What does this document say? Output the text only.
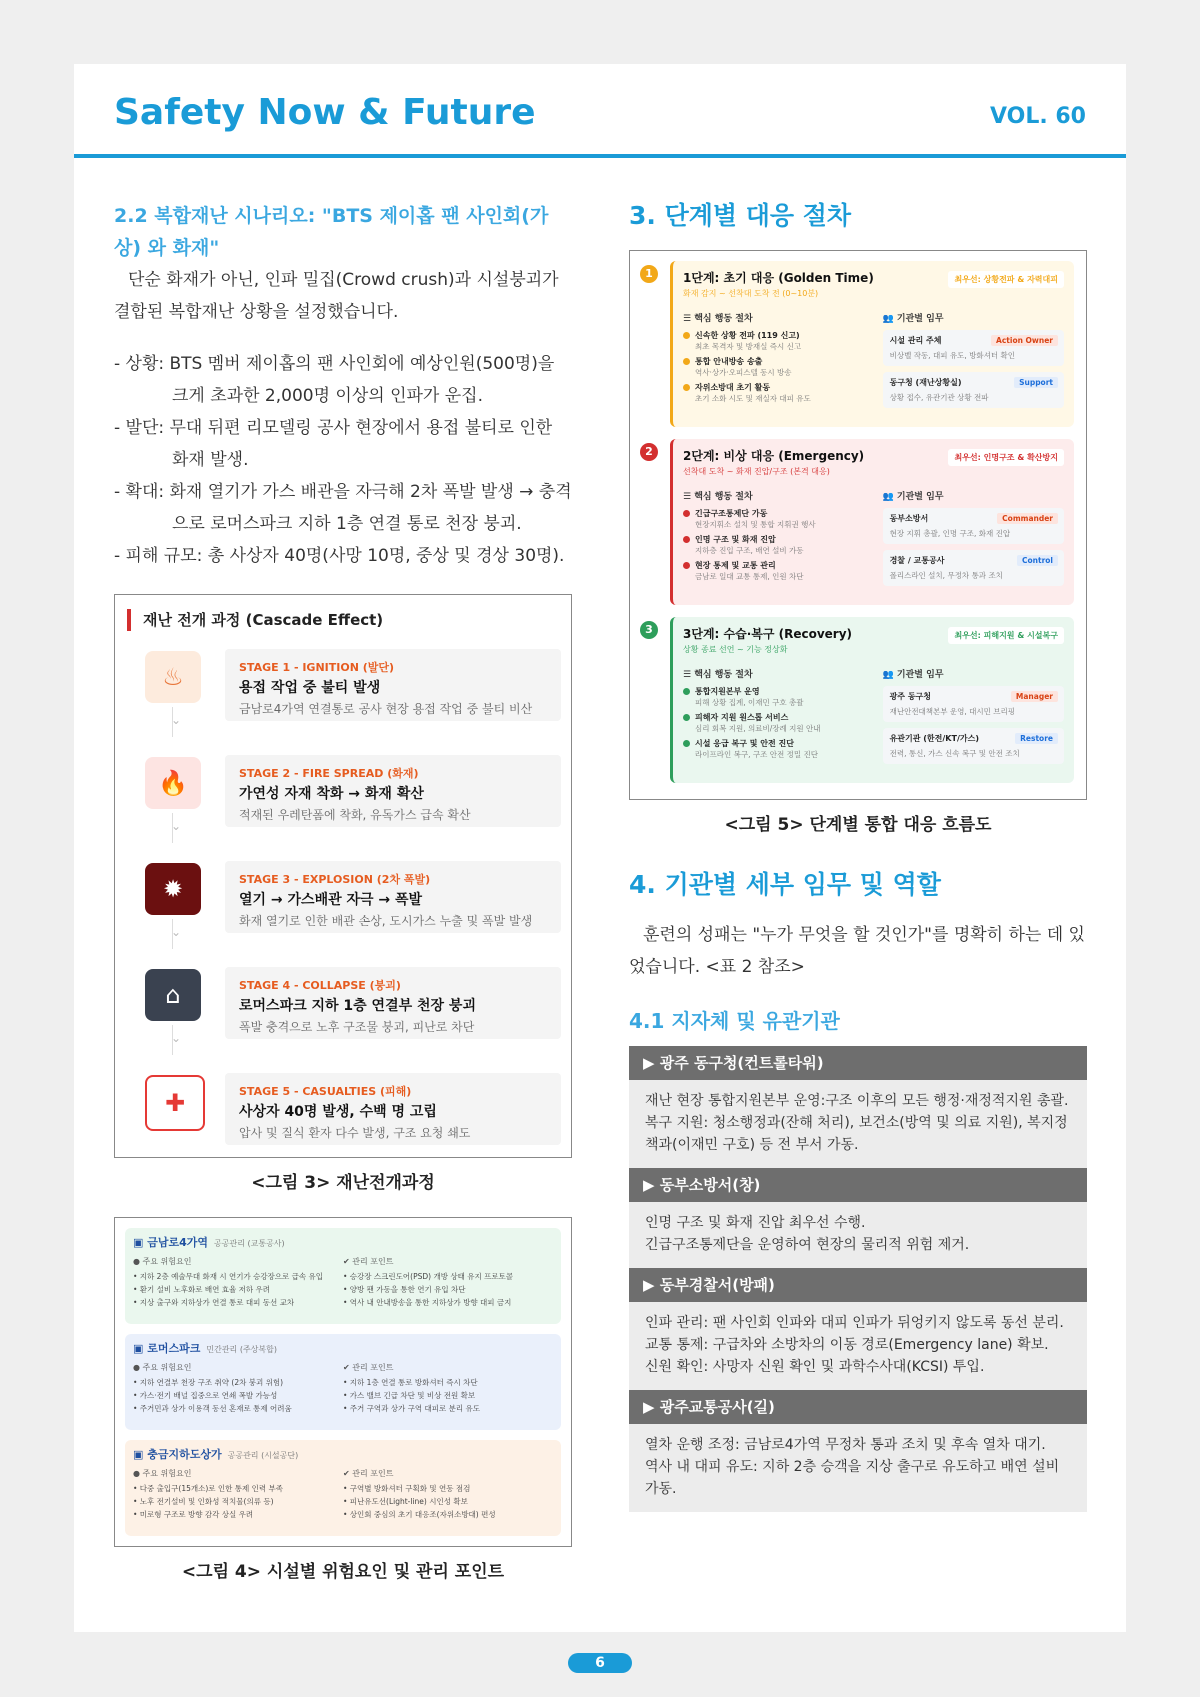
Safety Now & Future	VOL. 60

2.2 복합재난 시나리오: "BTS 제이홉 팬 사인회(가상) 와 화재"

단순 화재가 아닌, 인파 밀집(Crowd crush)과 시설붕괴가 결합된 복합재난 상황을 설정했습니다.

- 상황: BTS 멤버 제이홉의 팬 사인회에 예상인원(500명)을 크게 초과한 2,000명 이상의 인파가 운집.
- 발단: 무대 뒤편 리모델링 공사 현장에서 용접 불티로 인한 화재 발생.
- 확대: 화재 열기가 가스 배관을 자극해 2차 폭발 발생 → 충격으로 로머스파크 지하 1층 연결 통로 천장 붕괴.
- 피해 규모: 총 사상자 40명(사망 10명, 중상 및 경상 30명).
재난 전개 과정 (Cascade Effect)
♨
⌄
STAGE 1 - IGNITION (발단)
용접 작업 중 불티 발생
금남로4가역 연결통로 공사 현장 용접 작업 중 불티 비산
🔥
⌄
STAGE 2 - FIRE SPREAD (화재)
가연성 자재 착화 → 화재 확산
적재된 우레탄폼에 착화, 유독가스 급속 확산
✹
⌄
STAGE 3 - EXPLOSION (2차 폭발)
열기 → 가스배관 자극 → 폭발
화재 열기로 인한 배관 손상, 도시가스 누출 및 폭발 발생
⌂
⌄
STAGE 4 - COLLAPSE (붕괴)
로머스파크 지하 1층 연결부 천장 붕괴
폭발 충격으로 노후 구조물 붕괴, 피난로 차단
✚	STAGE 5 - CASUALTIES (피해)
사상자 40명 발생, 수백 명 고립
압사 및 질식 환자 다수 발생, 구조 요청 쇄도
<그림 3> 재난전개과정
▣ 금남로4가역 공공관리 (교통공사)
● 주요 위험요인
• 지하 2층 예술무대 화재 시 연기가 승강장으로 급속 유입
• 환기 설비 노후화로 배연 효율 저하 우려
• 지상 출구와 지하상가 연결 통로 대피 동선 교차
✔ 관리 포인트
• 승강장 스크린도어(PSD) 개방 상태 유지 프로토콜
• 양방 팬 가동을 통한 연기 유입 차단
• 역사 내 안내방송을 통한 지하상가 방향 대피 금지
▣ 로머스파크 민간관리 (주상복합)
● 주요 위험요인
• 지하 연결부 천장 구조 취약 (2차 붕괴 위험)
• 가스·전기 배널 집중으로 연쇄 폭발 가능성
• 주거민과 상가 이용객 동선 혼재로 통제 어려움
✔ 관리 포인트
• 지하 1층 연결 통로 방화셔터 즉시 차단
• 가스 밸브 긴급 차단 및 비상 전원 확보
• 주거 구역과 상가 구역 대피로 분리 유도
▣ 충금지하도상가 공공관리 (시설공단)
● 주요 위험요인
• 다중 출입구(15개소)로 인한 통제 인력 부족
• 노후 전기설비 및 인화성 적치물(의류 등)
• 미로형 구조로 방향 감각 상실 우려
✔ 관리 포인트
• 구역별 방화셔터 구획화 및 연동 점검
• 피난유도선(Light-line) 시인성 확보
• 상인회 중심의 초기 대응조(자위소방대) 편성
<그림 4> 시설별 위험요인 및 관리 포인트

3. 단계별 대응 절차

1	1단계: 초기 대응 (Golden Time)
화재 감지 ~ 선착대 도착 전 (0~10분)
최우선: 상황전파 & 자력대피
☰ 핵심 행동 절차
신속한 상황 전파 (119 신고)
최초 목격자 및 방재실 즉시 신고
통합 안내방송 송출
역사·상가·오피스텔 동시 방송
자위소방대 초기 활동
초기 소화 시도 및 재실자 대피 유도
👥 기관별 임무
시설 관리 주체	Action Owner
비상벨 작동, 대피 유도, 방화셔터 확인
동구청 (재난상황실)	Support
상황 접수, 유관기관 상황 전파
2	2단계: 비상 대응 (Emergency)
선착대 도착 ~ 화재 진압/구조 (본격 대응)
최우선: 인명구조 & 확산방지
☰ 핵심 행동 절차
긴급구조통제단 가동
현장지휘소 설치 및 통합 지휘권 행사
인명 구조 및 화재 진압
지하층 진입 구조, 배연 설비 가동
현장 통제 및 교통 관리
금남로 일대 교통 통제, 인원 차단
👥 기관별 임무
동부소방서	Commander
현장 지휘 총괄, 인명 구조, 화재 진압
경찰 / 교통공사	Control
폴리스라인 설치, 무정차 통과 조치
3	3단계: 수습·복구 (Recovery)
상황 종료 선언 ~ 기능 정상화
최우선: 피해지원 & 시설복구
☰ 핵심 행동 절차
통합지원본부 운영
피해 상황 집계, 이재민 구호 총괄
피해자 지원 원스톱 서비스
심리 회복 지원, 의료비/장례 지원 안내
시설 응급 복구 및 안전 진단
라이프라인 복구, 구조 안전 정밀 진단
👥 기관별 임무
광주 동구청	Manager
재난안전대책본부 운영, 대시민 브리핑
유관기관 (한전/KT/가스)	Restore
전력, 통신, 가스 신속 복구 및 안전 조치
<그림 5> 단계별 통합 대응 흐름도

4. 기관별 세부 임무 및 역할

훈련의 성패는 "누가 무엇을 할 것인가"를 명확히 하는 데 있었습니다. <표 2 참조>

4.1 지자체 및 유관기관

▶ 광주 동구청(컨트롤타워)

재난 현장 통합지원본부 운영:구조 이후의 모든 행정·재정적지원 총괄.

복구 지원: 청소행정과(잔해 처리), 보건소(방역 및 의료 지원), 복지정책과(이재민 구호) 등 전 부서 가동.

▶ 동부소방서(창)

인명 구조 및 화재 진압 최우선 수행.

긴급구조통제단을 운영하여 현장의 물리적 위험 제거.

▶ 동부경찰서(방패)

인파 관리: 팬 사인회 인파와 대피 인파가 뒤엉키지 않도록 동선 분리.

교통 통제: 구급차와 소방차의 이동 경로(Emergency lane) 확보.

신원 확인: 사망자 신원 확인 및 과학수사대(KCSI) 투입.

▶ 광주교통공사(길)

열차 운행 조정: 금남로4가역 무정차 통과 조치 및 후속 열차 대기.

역사 내 대피 유도: 지하 2층 승객을 지상 출구로 유도하고 배연 설비 가동.

6
